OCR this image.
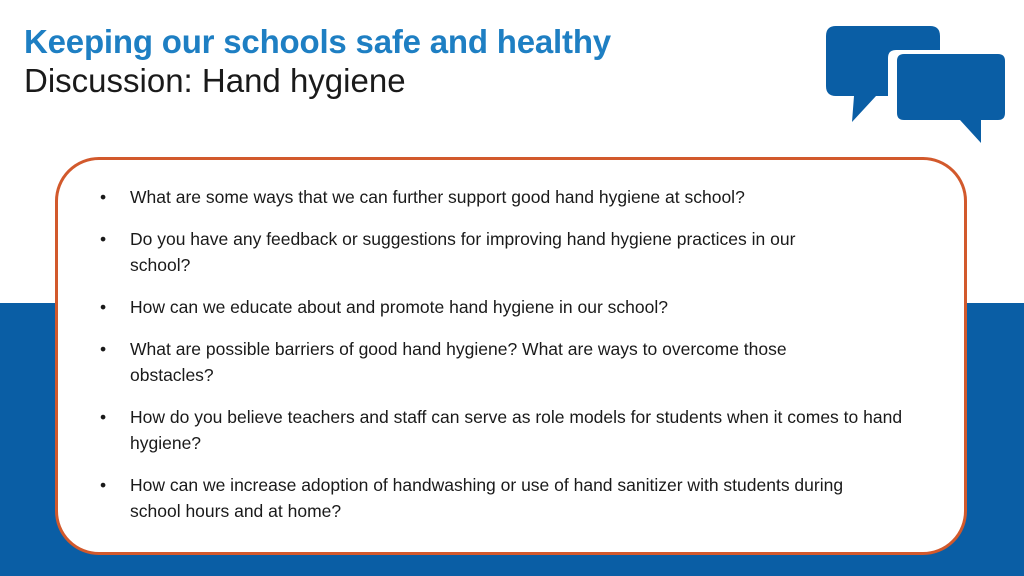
Keeping our schools safe and healthy
Discussion: Hand hygiene
• What are some ways that we can further support good hand hygiene at school?
• Do you have any feedback or suggestions for improving hand hygiene practices in our school?
• How can we educate about and promote hand hygiene in our school?
• What are possible barriers of good hand hygiene? What are ways to overcome those obstacles?
• How do you believe teachers and staff can serve as role models for students when it comes to hand hygiene?
• How can we increase adoption of handwashing or use of hand sanitizer with students during school hours and at home?
